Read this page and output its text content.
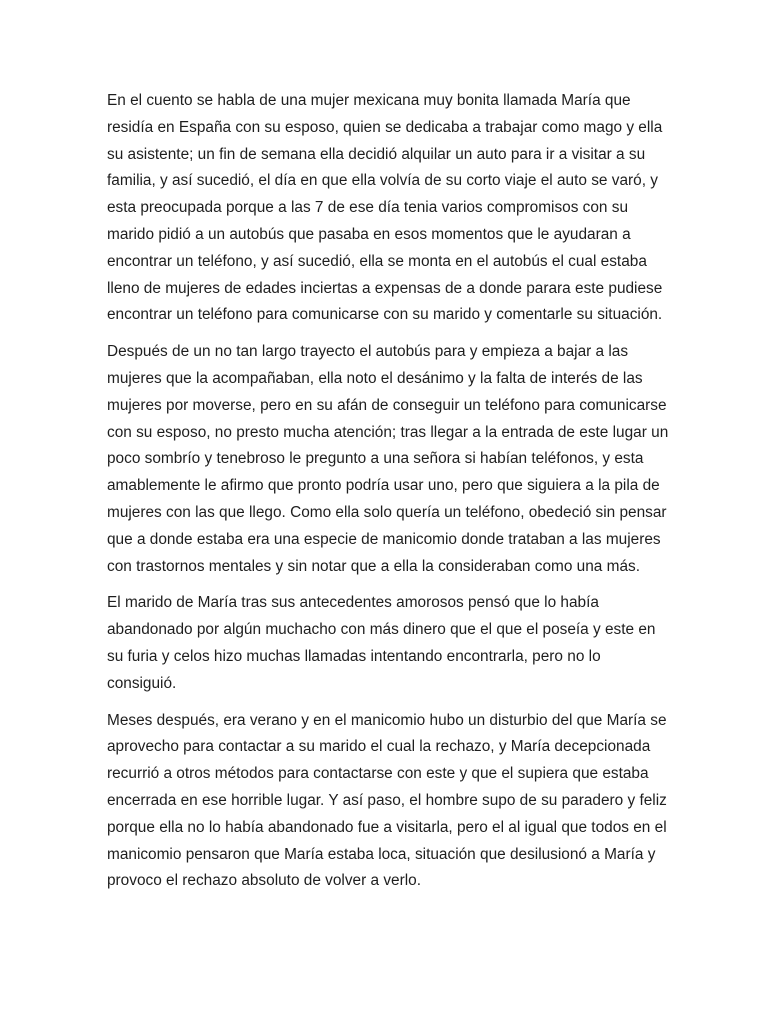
En el cuento se habla de una mujer mexicana muy bonita llamada María que
residía en España con su esposo, quien se dedicaba a trabajar como mago y ella
su asistente; un fin de semana ella decidió alquilar un auto para ir a visitar a su
familia, y así sucedió, el día en que ella volvía de su corto viaje el auto se varó, y
esta preocupada porque a las 7 de ese día tenia varios compromisos con su
marido pidió a un autobús que pasaba en esos momentos que le ayudaran a
encontrar un teléfono, y así sucedió, ella se monta en el autobús el cual estaba
lleno de mujeres de edades inciertas a expensas de a donde parara este pudiese
encontrar un teléfono para comunicarse con su marido y comentarle su situación.

Después de un no tan largo trayecto el autobús para y empieza a bajar a las
mujeres que la acompañaban, ella noto el desánimo y la falta de interés de las
mujeres por moverse, pero en su afán de conseguir un teléfono para comunicarse
con su esposo, no presto mucha atención; tras llegar a la entrada de este lugar un
poco sombrío y tenebroso le pregunto a una señora si habían teléfonos, y esta
amablemente le afirmo que pronto podría usar uno, pero que siguiera a la pila de
mujeres con las que llego. Como ella solo quería un teléfono, obedeció sin pensar
que a donde estaba era una especie de manicomio donde trataban a las mujeres
con trastornos mentales y sin notar que a ella la consideraban como una más.

El marido de María tras sus antecedentes amorosos pensó que lo había
abandonado por algún muchacho con más dinero que el que el poseía y este en
su furia y celos hizo muchas llamadas intentando encontrarla, pero no lo
consiguió.

Meses después, era verano y en el manicomio hubo un disturbio del que María se
aprovecho para contactar a su marido el cual la rechazo, y María decepcionada
recurrió a otros métodos para contactarse con este y que el supiera que estaba
encerrada en ese horrible lugar. Y así paso, el hombre supo de su paradero y feliz
porque ella no lo había abandonado fue a visitarla, pero el al igual que todos en el
manicomio pensaron que María estaba loca, situación que desilusionó a María y
provoco el rechazo absoluto de volver a verlo.
